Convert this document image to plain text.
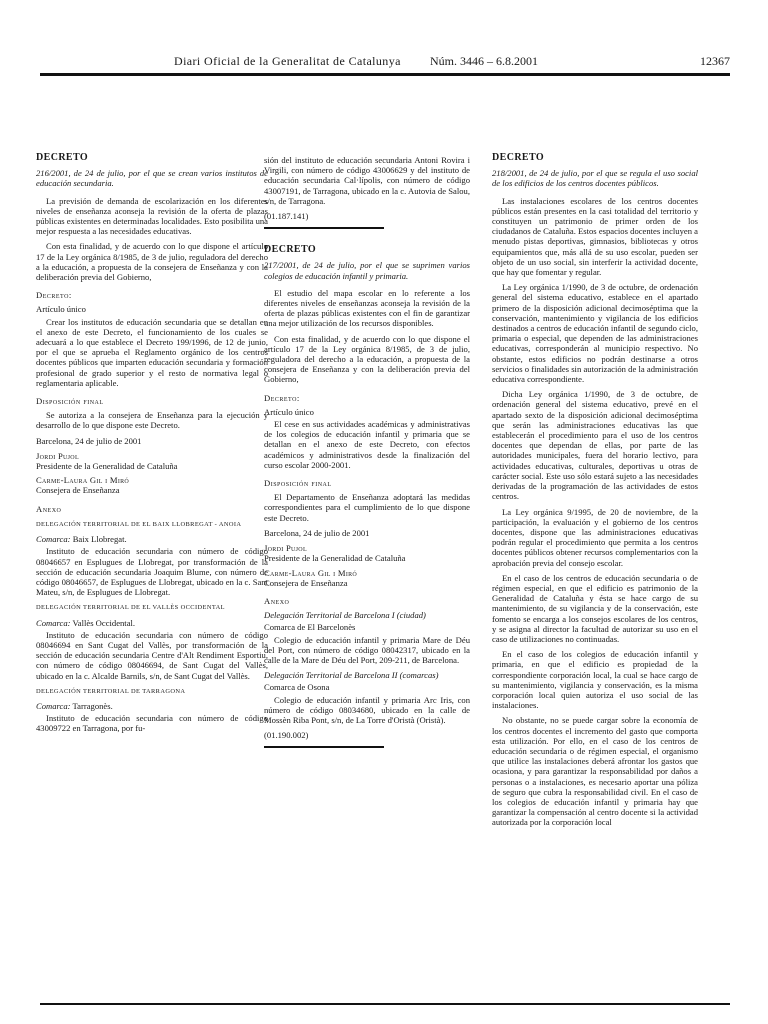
Diari Oficial de la Generalitat de Catalunya Núm. 3446 – 6.8.2001	12367

DECRETO

216/2001, de 24 de julio, por el que se crean varios institutos de educación secundaria.

La previsión de demanda de escolarización en los diferentes niveles de enseñanza aconseja la revisión de la oferta de plazas públicas existentes en determinadas localidades. Esto posibilita una mejor respuesta a las necesidades educativas.

Con esta finalidad, y de acuerdo con lo que dispone el artículo 17 de la Ley orgánica 8/1985, de 3 de julio, reguladora del derecho a la educación, a propuesta de la consejera de Enseñanza y con la deliberación previa del Gobierno,

Decreto:

Artículo único

Crear los institutos de educación secundaria que se detallan en el anexo de este Decreto, el funcionamiento de los cuales se adecuará a lo que establece el Decreto 199/1996, de 12 de junio, por el que se aprueba el Reglamento orgánico de los centros docentes públicos que imparten educación secundaria y formación profesional de grado superior y el resto de normativa legal o reglamentaria aplicable.

Disposición final

Se autoriza a la consejera de Enseñanza para la ejecución y desarrollo de lo que dispone este Decreto.

Barcelona, 24 de julio de 2001

Jordi Pujol

Presidente de la Generalidad de Cataluña

Carme-Laura Gil i Miró

Consejera de Enseñanza

Anexo

DELEGACIÓN TERRITORIAL DE EL BAIX LLOBREGAT - ANOIA

Comarca: Baix Llobregat.

Instituto de educación secundaria con número de código 08046657 en Esplugues de Llobregat, por transformación de la sección de educación secundaria Joaquim Blume, con número de código 08046657, de Esplugues de Llobregat, ubicado en la c. Sant Mateu, s/n, de Esplugues de Llobregat.

DELEGACIÓN TERRITORIAL DE EL VALLÈS OCCIDENTAL

Comarca: Vallès Occidental.

Instituto de educación secundaria con número de código 08046694 en Sant Cugat del Vallès, por transformación de la sección de educación secundaria Centre d'Alt Rendiment Esportiu, con número de código 08046694, de Sant Cugat del Vallès, ubicado en la c. Alcalde Barnils, s/n, de Sant Cugat del Vallès.

DELEGACIÓN TERRITORIAL DE TARRAGONA

Comarca: Tarragonès.

Instituto de educación secundaria con número de código 43009722 en Tarragona, por fu-

sión del instituto de educación secundaria Antoni Rovira i Virgili, con número de código 43006629 y del instituto de educación secundaria Cal·lípolis, con número de código 43007191, de Tarragona, ubicado en la c. Autovia de Salou, s/n, de Tarragona.

(01.187.141)

DECRETO

217/2001, de 24 de julio, por el que se suprimen varios colegios de educación infantil y primaria.

El estudio del mapa escolar en lo referente a los diferentes niveles de enseñanzas aconseja la revisión de la oferta de plazas públicas existentes con el fin de garantizar una mejor utilización de los recursos disponibles.

Con esta finalidad, y de acuerdo con lo que dispone el artículo 17 de la Ley orgánica 8/1985, de 3 de julio, reguladora del derecho a la educación, a propuesta de la consejera de Enseñanza y con la deliberación previa del Gobierno,

Decreto:

Artículo único

El cese en sus actividades académicas y administrativas de los colegios de educación infantil y primaria que se detallan en el anexo de este Decreto, con efectos académicos y administrativos desde la finalización del curso escolar 2000-2001.

Disposición final

El Departamento de Enseñanza adoptará las medidas correspondientes para el cumplimiento de lo que dispone este Decreto.

Barcelona, 24 de julio de 2001

Jordi Pujol

Presidente de la Generalidad de Cataluña

Carme-Laura Gil i Miró

Consejera de Enseñanza

Anexo

Delegación Territorial de Barcelona I (ciudad)

Comarca de El Barcelonès

Colegio de educación infantil y primaria Mare de Déu del Port, con número de código 08042317, ubicado en la calle de la Mare de Déu del Port, 209-211, de Barcelona.

Delegación Territorial de Barcelona II (comarcas)

Comarca de Osona

Colegio de educación infantil y primaria Arc Iris, con número de código 08034680, ubicado en la calle de Mossèn Riba Pont, s/n, de La Torre d'Oristà (Oristà).

(01.190.002)

DECRETO

218/2001, de 24 de julio, por el que se regula el uso social de los edificios de los centros docentes públicos.

Las instalaciones escolares de los centros docentes públicos están presentes en la casi totalidad del territorio y constituyen un patrimonio de primer orden de los ciudadanos de Cataluña. Estos espacios docentes incluyen a menudo pistas deportivas, gimnasios, bibliotecas y otros equipamientos que, más allá de su uso escolar, pueden ser objeto de un uso social, sin interferir la actividad docente, que hay que fomentar y regular.

La Ley orgánica 1/1990, de 3 de octubre, de ordenación general del sistema educativo, establece en el apartado primero de la disposición adicional decimoséptima que la conservación, mantenimiento y vigilancia de los edificios destinados a centros de educación infantil de segundo ciclo, primaria o especial, que dependen de las administraciones educativas, corresponderán al municipio respectivo. No obstante, estos edificios no podrán destinarse a otros servicios o finalidades sin autorización de la administración educativa correspondiente.

Dicha Ley orgánica 1/1990, de 3 de octubre, de ordenación general del sistema educativo, prevé en el apartado sexto de la disposición adicional decimoséptima que serán las administraciones educativas las que establecerán el procedimiento para el uso de los centros docentes que dependan de ellas, por parte de las autoridades municipales, fuera del horario lectivo, para actividades educativas, culturales, deportivas u otras de carácter social. Este uso sólo estará sujeto a las necesidades derivadas de la programación de las actividades de estos centros.

La Ley orgánica 9/1995, de 20 de noviembre, de la participación, la evaluación y el gobierno de los centros docentes, dispone que las administraciones educativas podrán regular el procedimiento que permita a los centros docentes públicos obtener recursos complementarios con la aprobación previa del consejo escolar.

En el caso de los centros de educación secundaria o de régimen especial, en que el edificio es patrimonio de la Generalidad de Cataluña y ésta se hace cargo de su mantenimiento, de su vigilancia y de la conservación, este fomento se encarga a los consejos escolares de los centros, y se asigna al director la facultad de autorizar su uso en el caso de utilizaciones no continuadas.

En el caso de los colegios de educación infantil y primaria, en que el edificio es propiedad de la correspondiente corporación local, la cual se hace cargo de su mantenimiento, vigilancia y conservación, es la misma corporación local quien autoriza el uso social de las instalaciones.

No obstante, no se puede cargar sobre la economía de los centros docentes el incremento del gasto que comporta esta utilización. Por ello, en el caso de los centros de educación secundaria o de régimen especial, el organismo que utilice las instalaciones deberá afrontar los gastos que ocasiona, y para garantizar la responsabilidad por daños a personas o a instalaciones, es necesario aportar una póliza de seguro que cubra la responsabilidad civil. En el caso de los colegios de educación infantil y primaria hay que garantizar la compensación al centro docente si la actividad autorizada por la corporación local
